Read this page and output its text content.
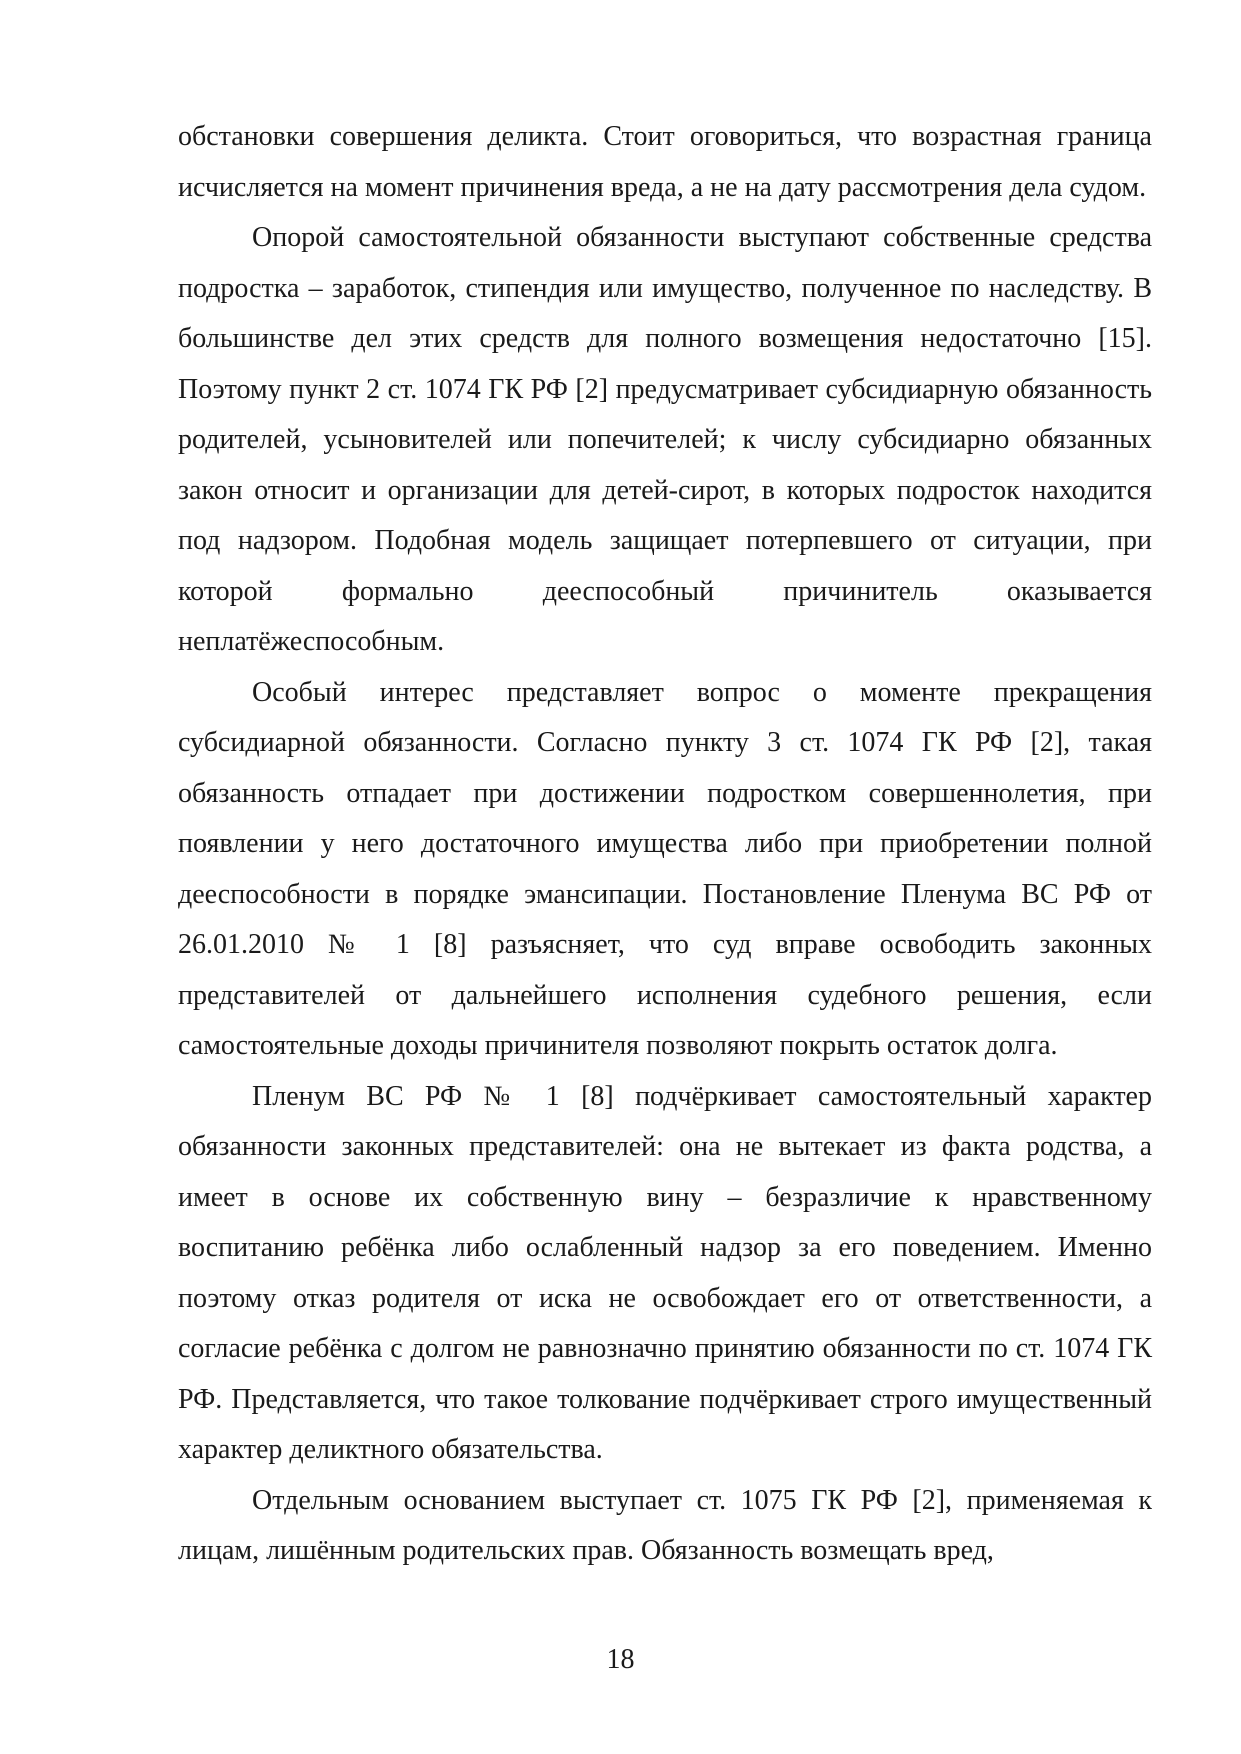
обстановки совершения деликта. Стоит оговориться, что возрастная граница исчисляется на момент причинения вреда, а не на дату рассмотрения дела судом.

Опорой самостоятельной обязанности выступают собственные средства подростка – заработок, стипендия или имущество, полученное по наследству. В большинстве дел этих средств для полного возмещения недостаточно [15]. Поэтому пункт 2 ст. 1074 ГК РФ [2] предусматривает субсидиарную обязанность родителей, усыновителей или попечителей; к числу субсидиарно обязанных закон относит и организации для детей-сирот, в которых подросток находится под надзором. Подобная модель защищает потерпевшего от ситуации, при которой формально дееспособный причинитель оказывается неплатёжеспособным.

Особый интерес представляет вопрос о моменте прекращения субсидиарной обязанности. Согласно пункту 3 ст. 1074 ГК РФ [2], такая обязанность отпадает при достижении подростком совершеннолетия, при появлении у него достаточного имущества либо при приобретении полной дееспособности в порядке эмансипации. Постановление Пленума ВС РФ от 26.01.2010 № 1 [8] разъясняет, что суд вправе освободить законных представителей от дальнейшего исполнения судебного решения, если самостоятельные доходы причинителя позволяют покрыть остаток долга.

Пленум ВС РФ № 1 [8] подчёркивает самостоятельный характер обязанности законных представителей: она не вытекает из факта родства, а имеет в основе их собственную вину – безразличие к нравственному воспитанию ребёнка либо ослабленный надзор за его поведением. Именно поэтому отказ родителя от иска не освобождает его от ответственности, а согласие ребёнка с долгом не равнозначно принятию обязанности по ст. 1074 ГК РФ. Представляется, что такое толкование подчёркивает строго имущественный характер деликтного обязательства.

Отдельным основанием выступает ст. 1075 ГК РФ [2], применяемая к лицам, лишённым родительских прав. Обязанность возмещать вред,

18
